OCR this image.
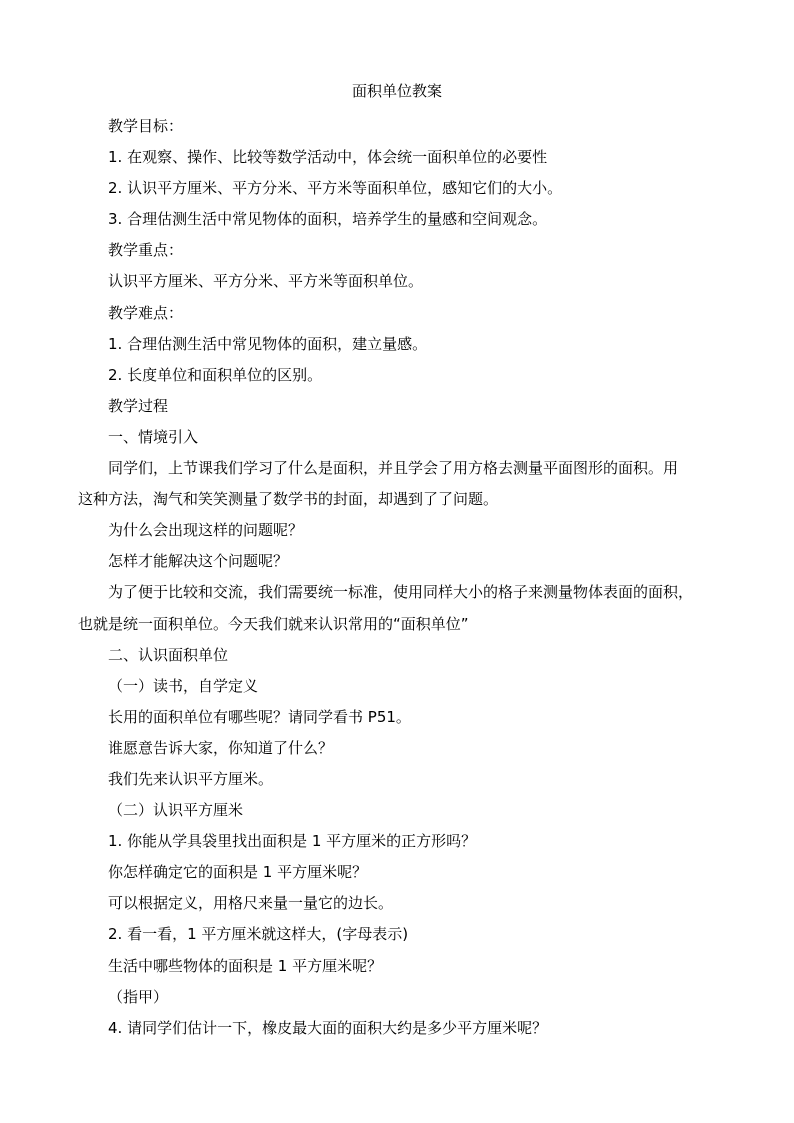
面积单位教案
教学目标：
1. 在观察、操作、比较等数学活动中，体会统一面积单位的必要性
2. 认识平方厘米、平方分米、平方米等面积单位，感知它们的大小。
3. 合理估测生活中常见物体的面积，培养学生的量感和空间观念。
教学重点：
认识平方厘米、平方分米、平方米等面积单位。
教学难点：
1. 合理估测生活中常见物体的面积，建立量感。
2. 长度单位和面积单位的区别。
教学过程
一、情境引入
同学们，上节课我们学习了什么是面积，并且学会了用方格去测量平面图形的面积。用
这种方法，淘气和笑笑测量了数学书的封面，却遇到了了问题。
为什么会出现这样的问题呢？
怎样才能解决这个问题呢？
为了便于比较和交流，我们需要统一标准，使用同样大小的格子来测量物体表面的面积，
也就是统一面积单位。今天我们就来认识常用的“面积单位”
二、认识面积单位
（一）读书，自学定义
长用的面积单位有哪些呢？请同学看书 P51。
谁愿意告诉大家，你知道了什么？
我们先来认识平方厘米。
（二）认识平方厘米
1. 你能从学具袋里找出面积是 1 平方厘米的正方形吗？
你怎样确定它的面积是 1 平方厘米呢？
可以根据定义，用格尺来量一量它的边长。
2. 看一看，1 平方厘米就这样大，(字母表示)
生活中哪些物体的面积是 1 平方厘米呢？
（指甲）
4. 请同学们估计一下，橡皮最大面的面积大约是多少平方厘米呢？
